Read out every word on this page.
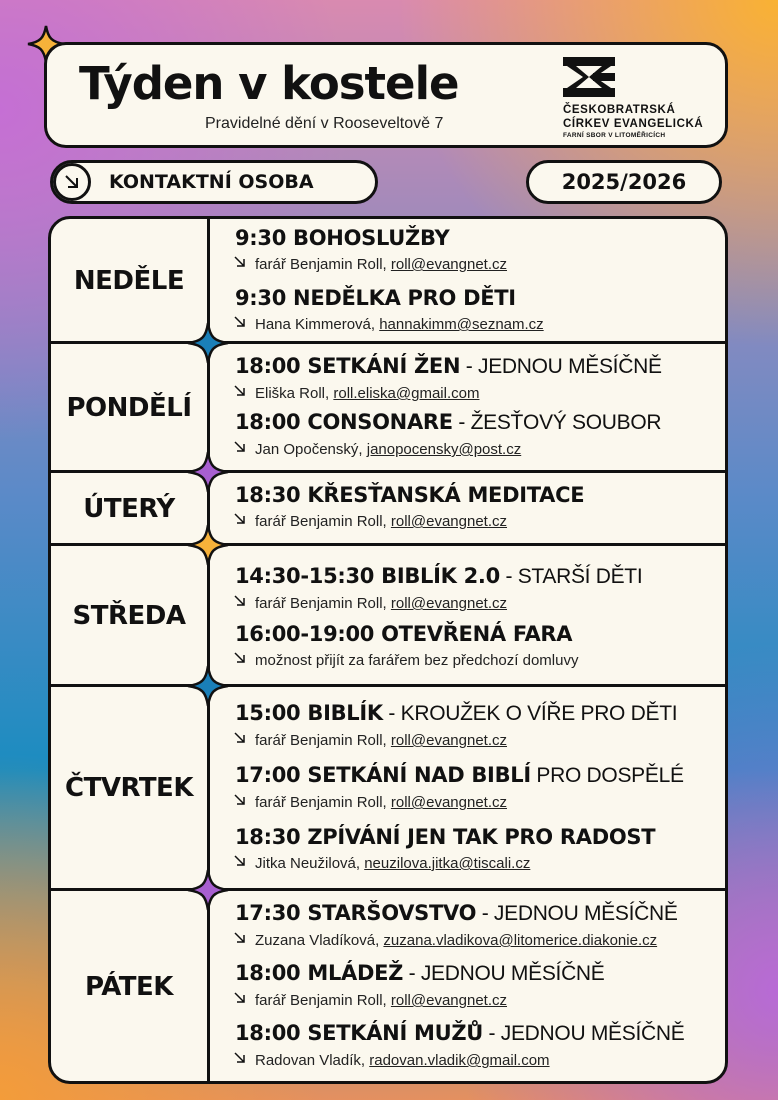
Týden v kostele
Pravidelné dění v Rooseveltově 7
ČESKOBRATRSKÁ
CÍRKEV EVANGELICKÁ
FARNÍ SBOR V LITOMĚŘICÍCH
KONTAKTNÍ OSOBA	2025/2026
NEDĚLE
9:30 BOHOSLUŽBY
farář Benjamin Roll, roll@evangnet.cz
9:30 NEDĚLKA PRO DĚTI
Hana Kimmerová, hannakimm@seznam.cz
PONDĚLÍ
18:00 SETKÁNÍ ŽEN - JEDNOU MĚSÍČNĚ
Eliška Roll, roll.eliska@gmail.com
18:00 CONSONARE - ŽESŤOVÝ SOUBOR
Jan Opočenský, janopocensky@post.cz
ÚTERÝ	18:30 KŘESŤANSKÁ MEDITACE
farář Benjamin Roll, roll@evangnet.cz
STŘEDA
14:30-15:30 BIBLÍK 2.0 - STARŠÍ DĚTI
farář Benjamin Roll, roll@evangnet.cz
16:00-19:00 OTEVŘENÁ FARA
možnost přijít za farářem bez předchozí domluvy
ČTVRTEK
15:00 BIBLÍK - KROUŽEK O VÍŘE PRO DĚTI
farář Benjamin Roll, roll@evangnet.cz
17:00 SETKÁNÍ NAD BIBLÍ PRO DOSPĚLÉ
farář Benjamin Roll, roll@evangnet.cz
18:30 ZPÍVÁNÍ JEN TAK PRO RADOST
Jitka Neužilová, neuzilova.jitka@tiscali.cz
PÁTEK
17:30 STARŠOVSTVO - JEDNOU MĚSÍČNĚ
Zuzana Vladíková, zuzana.vladikova@litomerice.diakonie.cz
18:00 MLÁDEŽ - JEDNOU MĚSÍČNĚ
farář Benjamin Roll, roll@evangnet.cz
18:00 SETKÁNÍ MUŽŮ - JEDNOU MĚSÍČNĚ
Radovan Vladík, radovan.vladik@gmail.com
